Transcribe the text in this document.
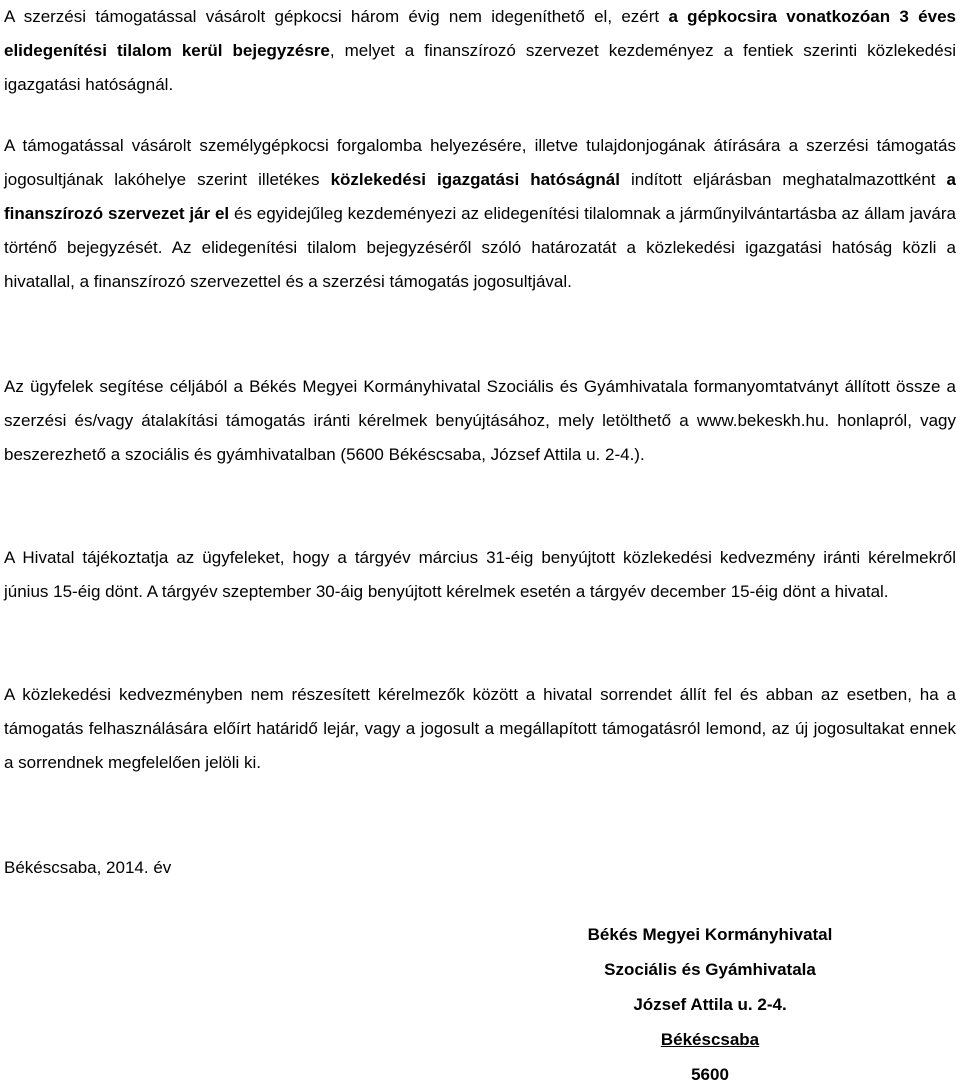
A szerzési támogatással vásárolt gépkocsi három évig nem idegeníthető el, ezért a gépkocsira vonatkozóan 3 éves elidegenítési tilalom kerül bejegyzésre, melyet a finanszírozó szervezet kezdeményez a fentiek szerinti közlekedési igazgatási hatóságnál.

A támogatással vásárolt személygépkocsi forgalomba helyezésére, illetve tulajdonjogának átírására a szerzési támogatás jogosultjának lakóhelye szerint illetékes közlekedési igazgatási hatóságnál indított eljárásban meghatalmazottként a finanszírozó szervezet jár el és egyidejűleg kezdeményezi az elidegenítési tilalomnak a járműnyilvántartásba az állam javára történő bejegyzését. Az elidegenítési tilalom bejegyzéséről szóló határozatát a közlekedési igazgatási hatóság közli a hivatallal, a finanszírozó szervezettel és a szerzési támogatás jogosultjával.

Az ügyfelek segítése céljából a Békés Megyei Kormányhivatal Szociális és Gyámhivatala formanyomtatványt állított össze a szerzési és/vagy átalakítási támogatás iránti kérelmek benyújtásához, mely letölthető a www.bekeskh.hu. honlapról, vagy beszerezhető a szociális és gyámhivatalban (5600 Békéscsaba, József Attila u. 2-4.).

A Hivatal tájékoztatja az ügyfeleket, hogy a tárgyév március 31-éig benyújtott közlekedési kedvezmény iránti kérelmekről június 15-éig dönt. A tárgyév szeptember 30-áig benyújtott kérelmek esetén a tárgyév december 15-éig dönt a hivatal.

A közlekedési kedvezményben nem részesített kérelmezők között a hivatal sorrendet állít fel és abban az esetben, ha a támogatás felhasználására előírt határidő lejár, vagy a jogosult a megállapított támogatásról lemond, az új jogosultakat ennek a sorrendnek megfelelően jelöli ki.

Békéscsaba, 2014. év

Békés Megyei Kormányhivatal
Szociális és Gyámhivatala
József Attila u. 2-4.
Békéscsaba
5600
